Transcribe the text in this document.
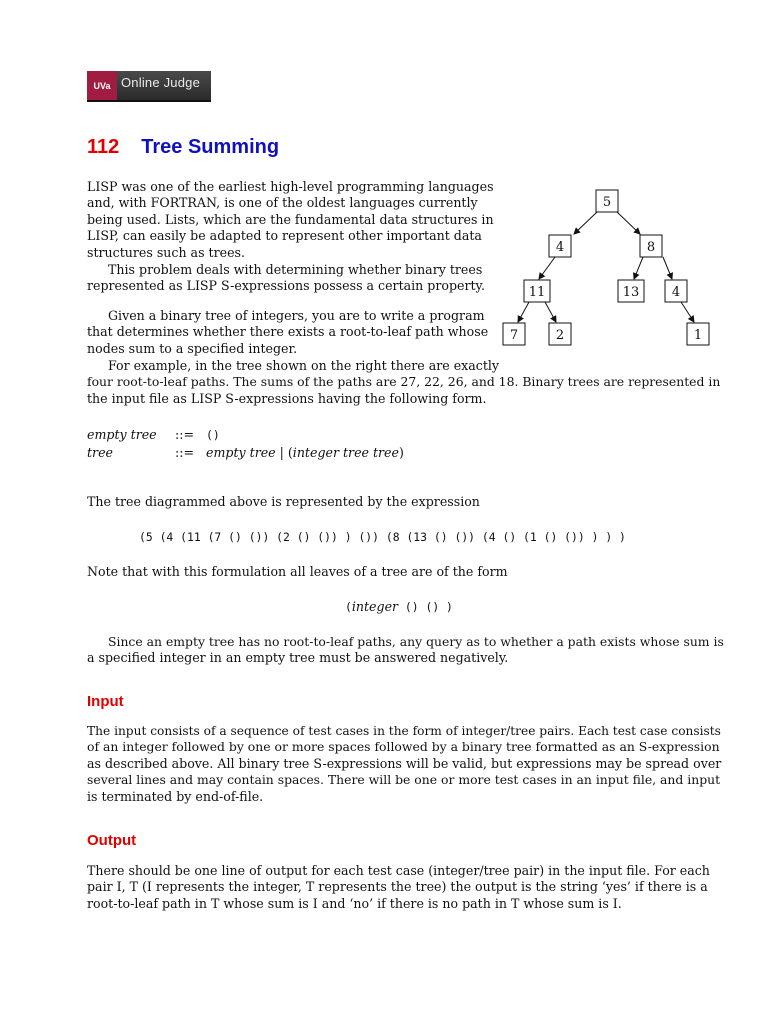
UVa Online Judge
112 Tree Summing
LISP was one of the earliest high-level programming languages
and, with FORTRAN, is one of the oldest languages currently
being used. Lists, which are the fundamental data structures in
LISP, can easily be adapted to represent other important data
structures such as trees.
This problem deals with determining whether binary trees
represented as LISP S-expressions possess a certain property.
Given a binary tree of integers, you are to write a program
that determines whether there exists a root-to-leaf path whose
nodes sum to a specified integer.
For example, in the tree shown on the right there are exactly
four root-to-leaf paths. The sums of the paths are 27, 22, 26, and 18. Binary trees are represented in
the input file as LISP S-expressions having the following form.
5
4	8
11	13	4
7	2	1
empty tree ::= ()
tree	::= empty tree | (integer tree tree)
The tree diagrammed above is represented by the expression
(5 (4 (11 (7 () ()) (2 () ()) ) ()) (8 (13 () ()) (4 () (1 () ()) ) ) )
Note that with this formulation all leaves of a tree are of the form
(integer () () )
Since an empty tree has no root-to-leaf paths, any query as to whether a path exists whose sum is
a specified integer in an empty tree must be answered negatively.
Input
The input consists of a sequence of test cases in the form of integer/tree pairs. Each test case consists
of an integer followed by one or more spaces followed by a binary tree formatted as an S-expression
as described above. All binary tree S-expressions will be valid, but expressions may be spread over
several lines and may contain spaces. There will be one or more test cases in an input file, and input
is terminated by end-of-file.
Output
There should be one line of output for each test case (integer/tree pair) in the input file. For each
pair I, T (I represents the integer, T represents the tree) the output is the string ‘yes’ if there is a
root-to-leaf path in T whose sum is I and ‘no’ if there is no path in T whose sum is I.
